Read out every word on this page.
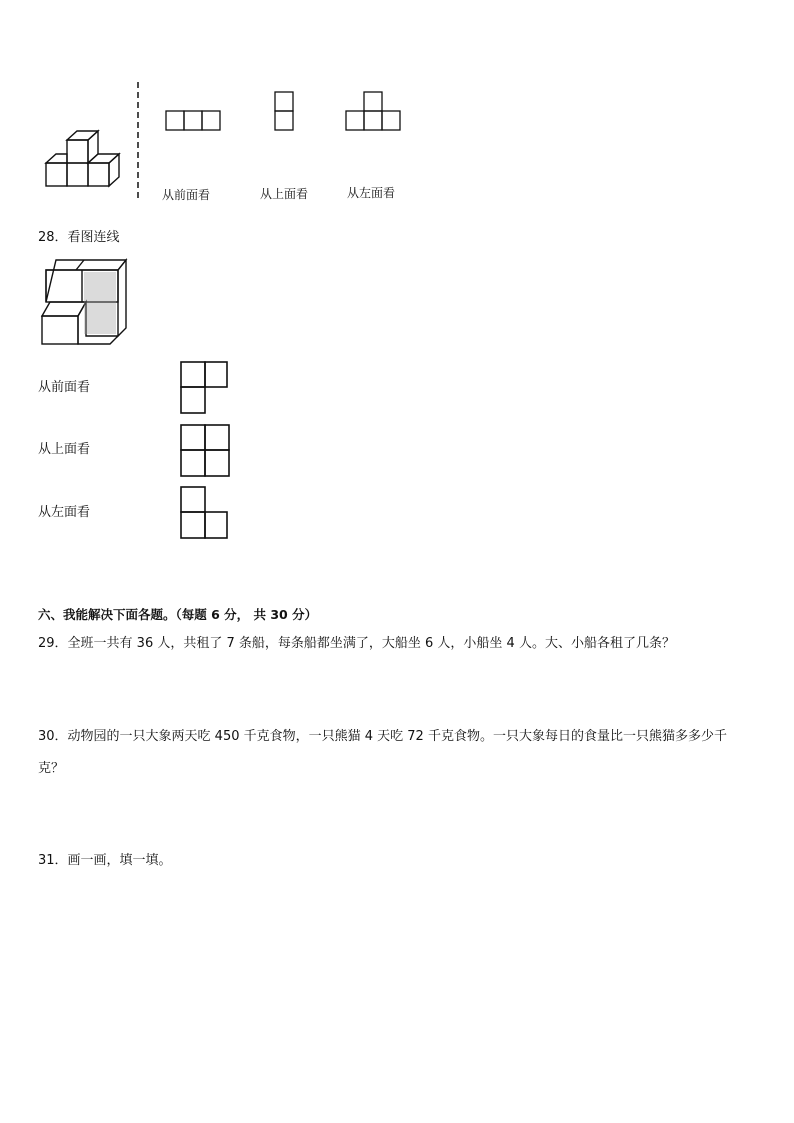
从前面看	从上面看	从左面看
28．看图连线
从前面看
从上面看
从左面看
六、我能解决下面各题。（每题 6 分， 共 30 分）
29．全班一共有 36 人，共租了 7 条船，每条船都坐满了，大船坐 6 人，小船坐 4 人。大、小船各租了几条？
30．动物园的一只大象两天吃 450 千克食物，一只熊猫 4 天吃 72 千克食物。一只大象每日的食量比一只熊猫多多少千
克？
31．画一画，填一填。
